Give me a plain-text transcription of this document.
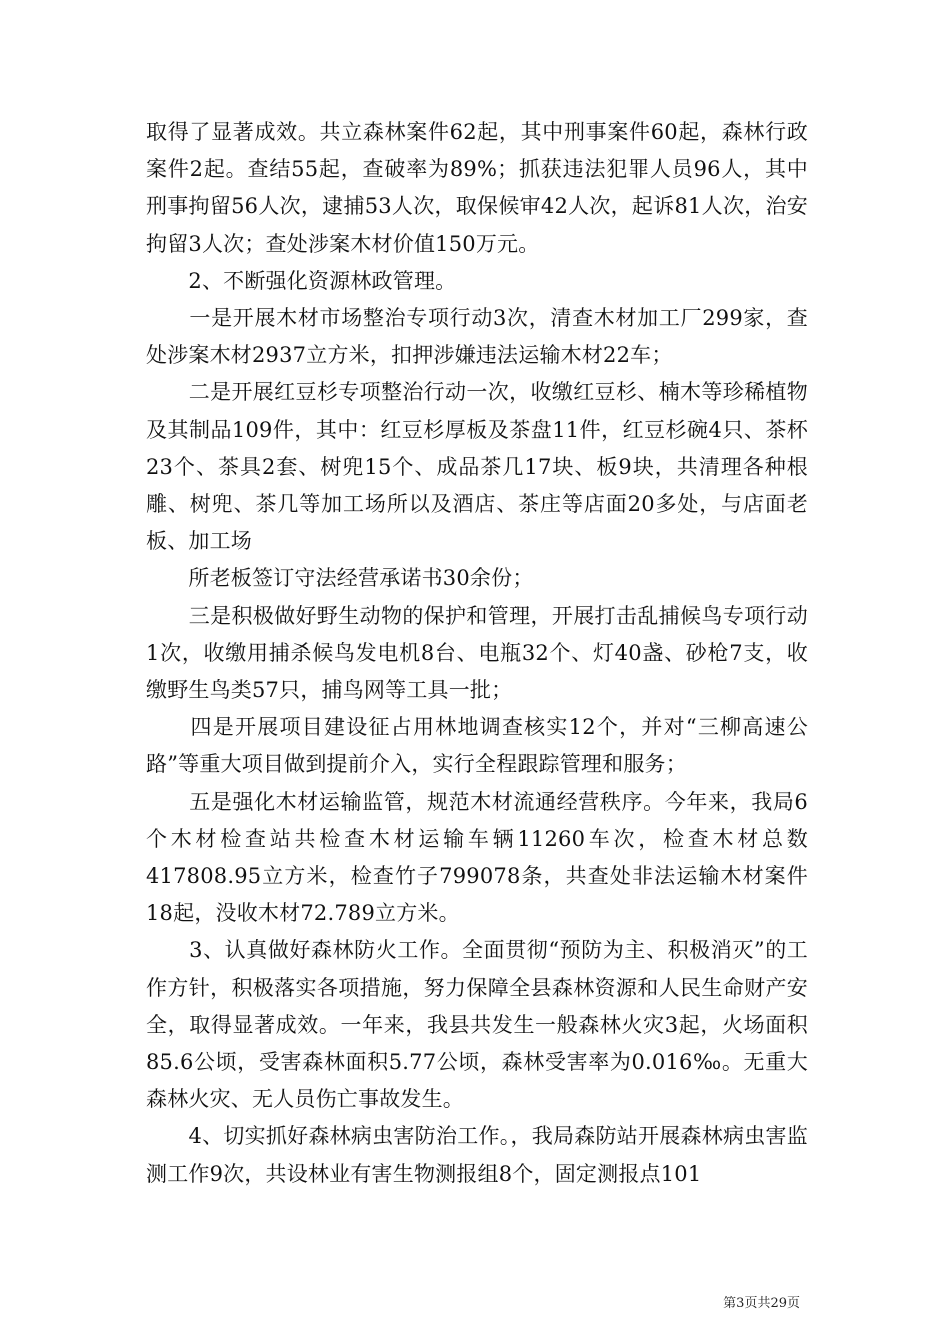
取得了显著成效。共立森林案件62起，其中刑事案件60起，森林行政案件2起。查结55起，查破率为89%；抓获违法犯罪人员96人，其中刑事拘留56人次，逮捕53人次，取保候审42人次，起诉81人次，治安拘留3人次；查处涉案木材价值150万元。

　　2、不断强化资源林政管理。

　　一是开展木材市场整治专项行动3次，清查木材加工厂299家，查处涉案木材2937立方米，扣押涉嫌违法运输木材22车；

　　二是开展红豆杉专项整治行动一次，收缴红豆杉、楠木等珍稀植物及其制品109件，其中：红豆杉厚板及茶盘11件，红豆杉碗4只、茶杯23个、茶具2套、树兜15个、成品茶几17块、板9块，共清理各种根雕、树兜、茶几等加工场所以及酒店、茶庄等店面20多处，与店面老板、加工场

　　所老板签订守法经营承诺书30余份；

　　三是积极做好野生动物的保护和管理，开展打击乱捕候鸟专项行动1次，收缴用捕杀候鸟发电机8台、电瓶32个、灯40盏、砂枪7支，收缴野生鸟类57只，捕鸟网等工具一批；

　　四是开展项目建设征占用林地调查核实12个，并对“三柳高速公路”等重大项目做到提前介入，实行全程跟踪管理和服务；

　　五是强化木材运输监管，规范木材流通经营秩序。今年来，我局6个木材检查站共检查木材运输车辆11260车次，检查木材总数417808.95立方米，检查竹子799078条，共查处非法运输木材案件18起，没收木材72.789立方米。

　　3、认真做好森林防火工作。全面贯彻“预防为主、积极消灭”的工作方针，积极落实各项措施，努力保障全县森林资源和人民生命财产安全，取得显著成效。一年来，我县共发生一般森林火灾3起，火场面积85.6公顷，受害森林面积5.77公顷，森林受害率为0.016‰。无重大森林火灾、无人员伤亡事故发生。

　　4、切实抓好森林病虫害防治工作。，我局森防站开展森林病虫害监测工作9次，共设林业有害生物测报组8个，固定测报点101

第3页共29页
